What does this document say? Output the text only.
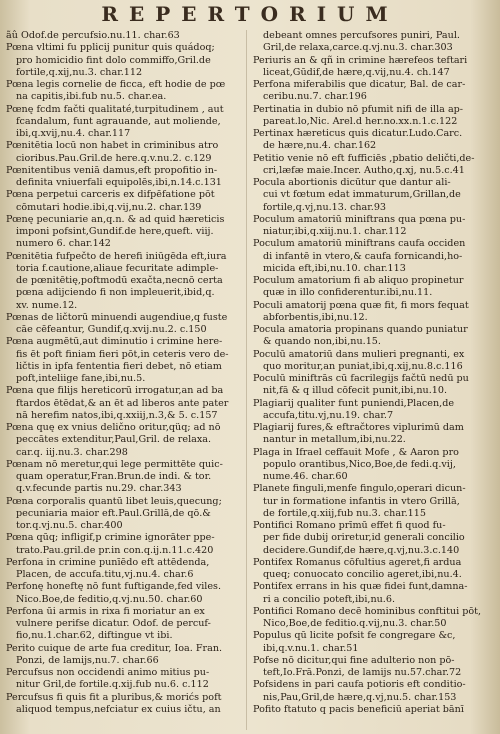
REPERTORIUM
ãû Odof.de percufsio.nu.11. char.63
Pœna vltimi fu pplicij punitur quis quádoq;
pro homicidio fint dolo commiffo,Gril.de
fortile,q.xij,nu.3. char.112
Pœna legis cornelie de ficca, eft hodie de pœ
na capitis,ibi.fub nu.5. char.ea.
Pœnę fcdm fačti qualitaté,turpitudinem , aut
fcandalum, funt agrauande, aut moliende,
ibi,q.xvij,nu.4. char.117
Pœnitētia locū non habet in criminibus atro
cioribus.Pau.Gril.de here.q.v.nu.2. c.129
Pœnitentibus veniā damus,eft propofitio in-
definita vniuerfali equipolēs,ibi,n.14.c.131
Pœna perpetui carceris ex difpēfatione pōt
cōmutari hodie.ibi,q.vij,nu.2. char.139
Pœnę pecuniarie an,q.n. & ad quid hæreticis
imponi pofsint,Gundif.de here,queft. viij.
numero 6. char.142
Pœnitētia fufpečto de herefi iniūgēda eft,iura
toria f.cautione,aliaue fecuritate adimple-
de pœnitētię,poftmodū exačta,necnō certa
pœna adijciendo fi non impleuerit,ibid,q.
xv. nume.12.
Pœnas de ličtorū minuendi augendiue,q fuste
cāe cēfeantur, Gundif,q.xvij.nu.2. c.150
Pœna augmētū,aut diminutio i crimine here-
fis ēt poft finiam fieri pōt,in ceteris vero de-
ličtis in ipfa fententia fieri debet, nō etiam
poft,inteliige fane,ibi,nu.5.
Pœna que filijs hereticorū irrogatur,an ad ba
ftardos ētēdat,& an ēt ad liberos ante pater
nā herefim natos,ibi,q.xxiij,n.3,& 5. c.157
Pœna quę ex vnius delično oritur,qüq; ad nō
peccātes extenditur,Paul,Gril. de relaxa.
car.q. iij.nu.3. char.298
Pœnam nō meretur,qui lege permittēte quic-
quam operatur,Fran.Brun.de indi. & tor.
q.v.fecunde partis nu.29. char.343
Pœna corporalis quantū libet leuis,quecung;
pecuniaria maior eft.Paul.Grillā,de qō.&
tor.q.vj.nu.5. char.400
Pœna qūq; infligif,p crimine ignorāter ppe-
trato.Pau.gril.de pr.in con.q.ij.n.11.c.420
Perfona in crimine punīēdo eft attēdenda,
Placen, de accufa.titu,vj.nu.4. char.6
Perfonę honeftę nō funt fuftigande,fed viles.
Nico.Boe,de feditio,q.vj.nu.50. char.60
Perfona ūi armis in rixa fi moriatur an ex
vulnere perifse dicatur. Odof. de percuf-
fio,nu.1.char.62, diftingue vt ibi.
Perito cuique de arte fua creditur, Ioa. Fran.
Ponzi, de lamijs,nu.7. char.66
Percufsus non occidendi animo mitius pu-
nitur Gril,de fortile.q.xij.fub nu.6. c.112
Percufsus fi quis fit a pluribus,& morićs poft
aliquod tempus,nefciatur ex cuius ičtu, an
debeant omnes percufsores puniri, Paul.
Gril,de relaxa,carce.q.vj.nu.3. char.303
Periuris an & qñ in crimine hærefeos teftari
liceat,Gūdif,de hære,q.vij,nu.4. ch.147
Perfona miferabilis que dicatur, Bal. de car-
ceribu.nu.7. char.196
Pertinatia in dubio nō pfumit nifi de illa ap-
pareat.lo,Nic. Arel.d her.no.xx.n.1.c.122
Pertinax hæreticus quis dicatur.Ludo.Carc.
de hære,nu.4. char.162
Petitio venie nō eft fufficiēs ,pbatio deličti,de-
cri,læfæ maie.Incer. Autho,q.xj, nu.5.c.41
Pocula abortionis dicūtur que dantur ali-
cui vt fœtum edat immaturum,Grillan,de
fortile,q.vj,nu.13. char.93
Poculum amatoriū miniftrans qua pœna pu-
niatur,ibi,q.xiij.nu.1. char.112
Poculum amatoriū miniftrans caufa occiden
di infantē in vtero,& caufa fornicandi,ho-
micida eft,ibi,nu.10. char.113
Poculum amatorium fi ab aliquo propinetur
quæ in illo confiderentur.ibi,nu.11.
Poculi amatorij pœna quæ fit, fi mors fequat
abforbentis,ibi,nu.12.
Pocula amatoria propinans quando puniatur
& quando non,ibi,nu.15.
Poculū amatoriū dans mulieri pregnanti, ex
quo moritur,an puniat,ibi,q.xij,nu.8.c.116
Poculū miniftrās cū facrilegijs fačtū nedū pu
nit,fā & q illud cōfecit punit,ibi,nu.10.
Plagiarij qualiter funt puniendi,Placen,de
accufa,titu.vj,nu.19. char.7
Plagiarij fures,& eftračtores viplurimū dam
nantur in metallum,ibi,nu.22.
Plaga in Ifrael ceffauit Mofe , & Aaron pro
populo orantibus,Nico,Boe,de fedi.q.vij,
nume.46. char.60
Planete finguli,menfe fingulo,operari dicun-
tur in formatione infantis in vtero Grillā,
de fortile,q.xiij,fub nu.3. char.115
Pontifici Romano prīmū effet fi quod fu-
per fide dubij oriretur,id generali concilio
decidere.Gundif,de hære,q.vj,nu.3.c.140
Pontifex Romanus cōfultius ageret,fi ardua
queq; conuocato concilio ageret,ibi,nu.4.
Pontifex errans in his quæ fidei funt,damna-
ri a concilio poteft,ibi,nu.6.
Pontifici Romano decē hominibus conftitui pōt,
Nico,Boe,de feditio.q.vij,nu.3. char.50
Populus qū licite pofsit fe congregare &c,
ibi,q.v.nu.1. char.51
Pofse nō dicitur,qui fine adulterio non pō-
teft,Io.Frā.Ponzi, de lamijs nu.57.char.72
Pofsidens in pari caufa potioris eft conditio-
nis,Pau,Gril,de hære,q.vj,nu.5. char.153
Pofito ftatuto q pacis beneficiū aperiat bānī
